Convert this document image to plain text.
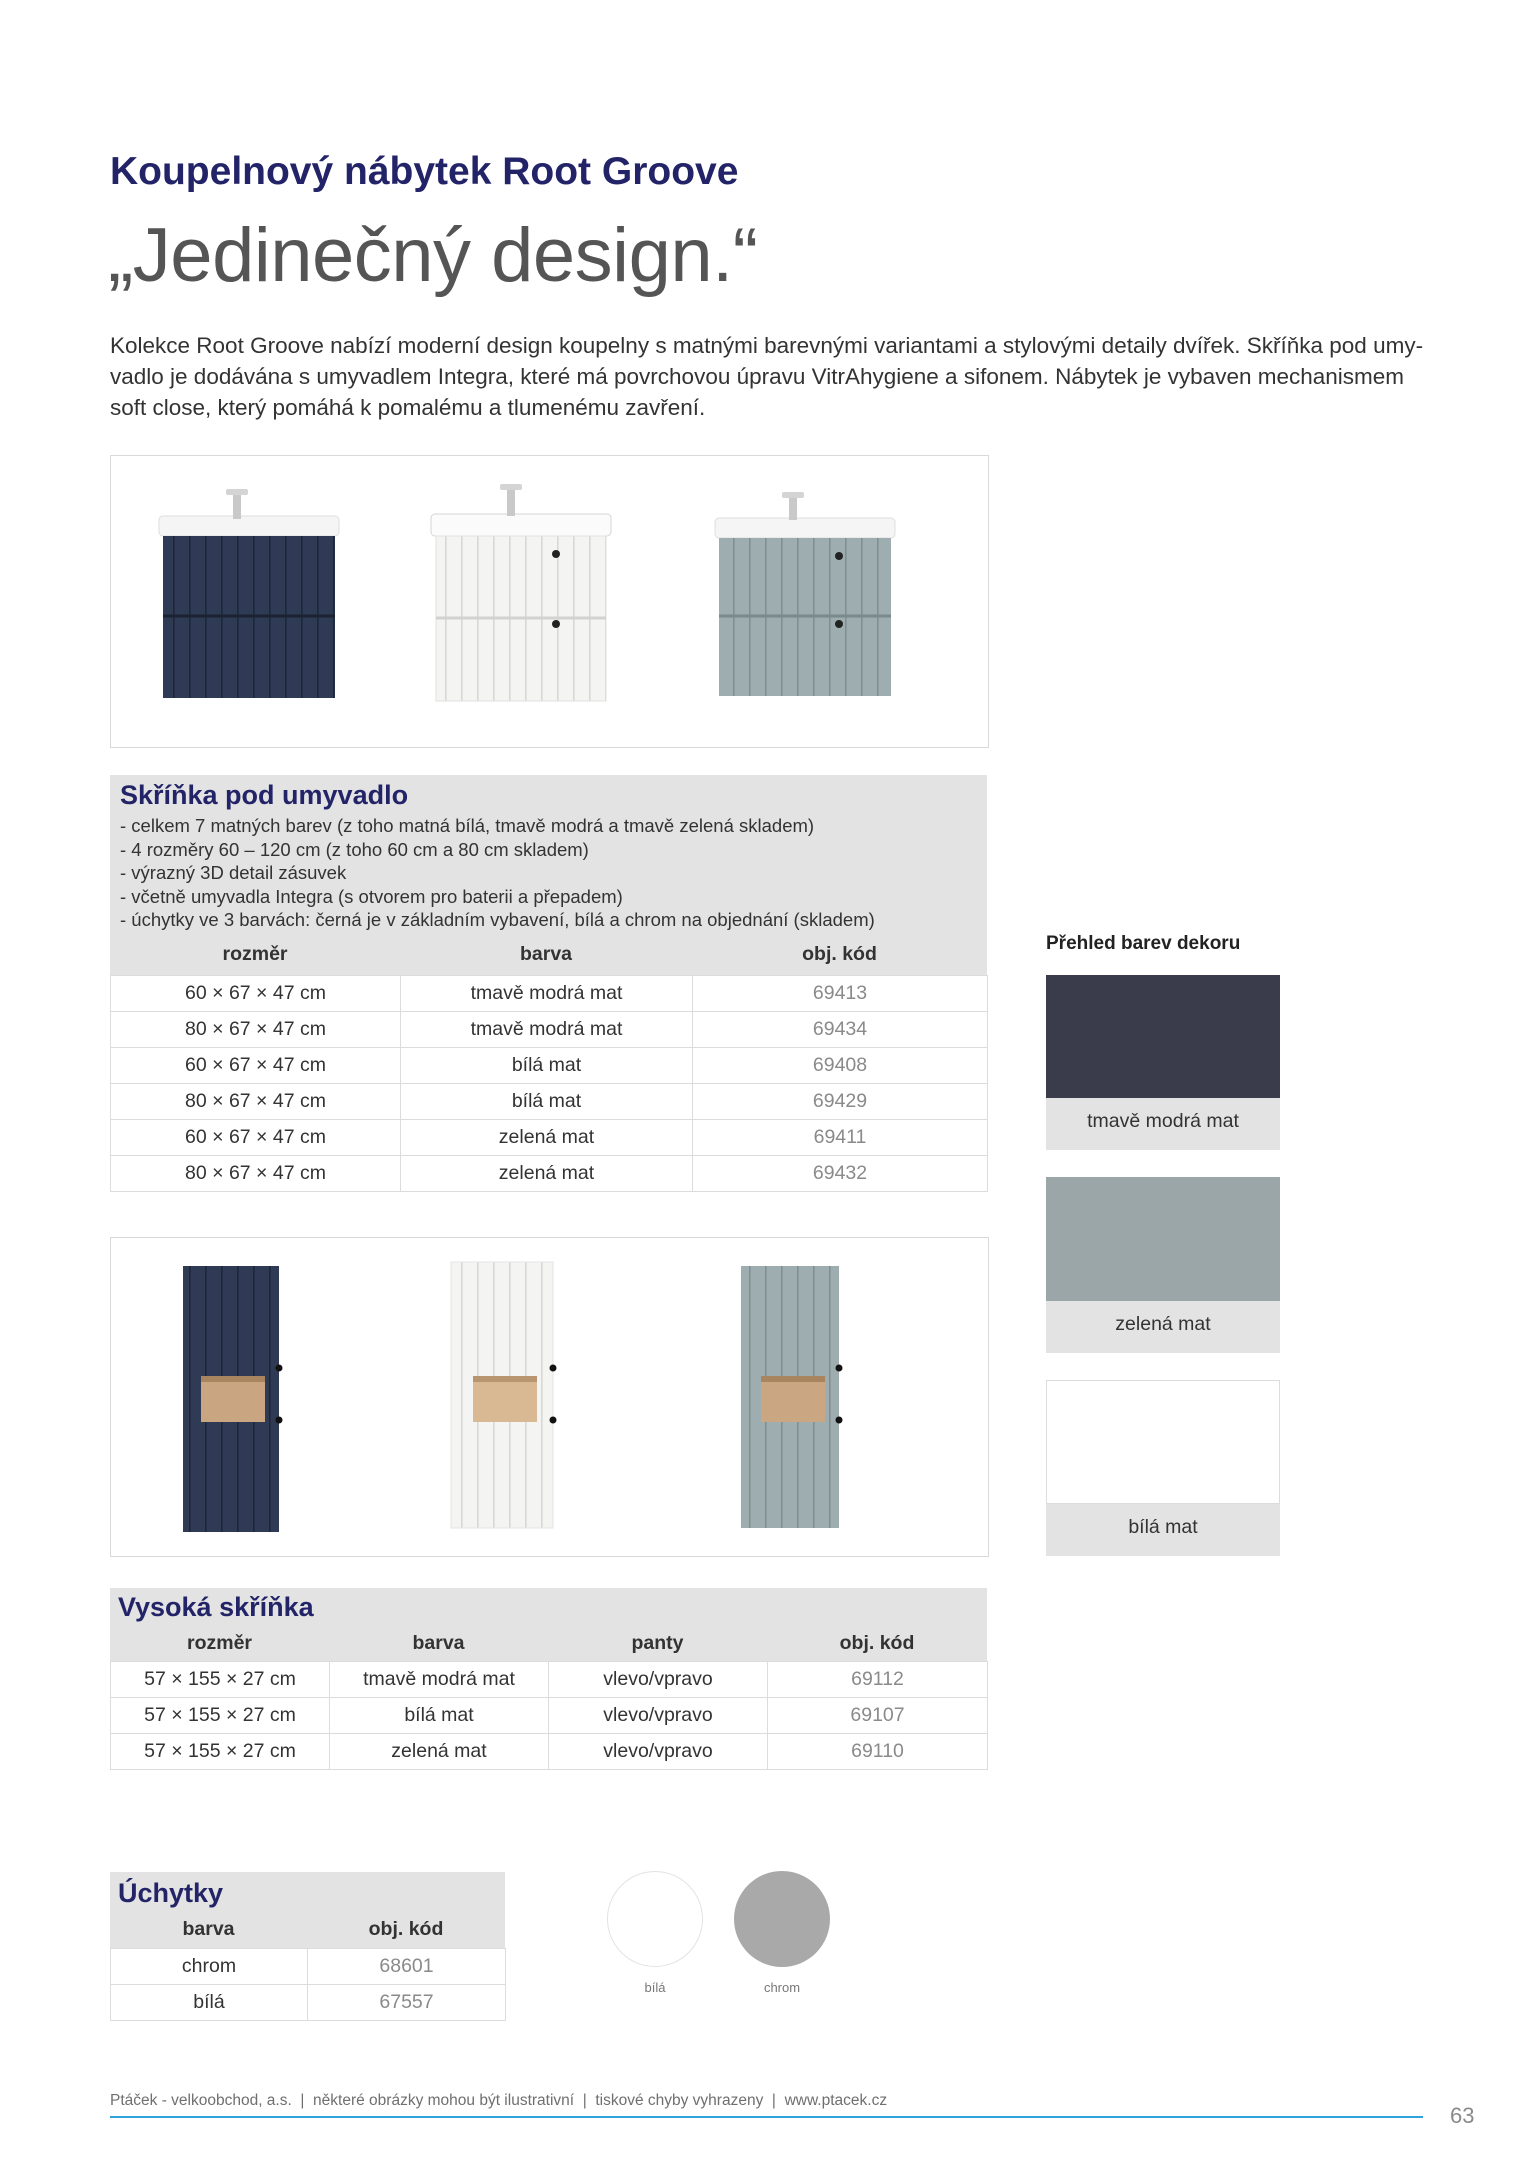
Koupelnový nábytek Root Groove
„Jedinečný design.“
Kolekce Root Groove nabízí moderní design koupelny s matnými barevnými variantami a stylovými detaily dvířek. Skříňka pod umy-
vadlo je dodávána s umyvadlem Integra, které má povrchovou úpravu VitrAhygiene a sifonem. Nábytek je vybaven mechanismem
soft close, který pomáhá k pomalému a tlumenému zavření.
Skříňka pod umyvadlo
- celkem 7 matných barev (z toho matná bílá, tmavě modrá a tmavě zelená skladem)
- 4 rozměry 60 – 120 cm (z toho 60 cm a 80 cm skladem)
- výrazný 3D detail zásuvek
- včetně umyvadla Integra (s otvorem pro baterii a přepadem)
- úchytky ve 3 barvách: černá je v základním vybavení, bílá a chrom na objednání (skladem)
rozměr	barva	obj. kód
60 × 67 × 47 cm	tmavě modrá mat	69413
80 × 67 × 47 cm	tmavě modrá mat	69434
60 × 67 × 47 cm	bílá mat	69408
80 × 67 × 47 cm	bílá mat	69429
60 × 67 × 47 cm	zelená mat	69411
80 × 67 × 47 cm	zelená mat	69432
Přehled barev dekoru
tmavě modrá mat
zelená mat
bílá mat
Vysoká skříňka
rozměr	barva	panty	obj. kód
57 × 155 × 27 cm	tmavě modrá mat	vlevo/vpravo	69112
57 × 155 × 27 cm	bílá mat	vlevo/vpravo	69107
57 × 155 × 27 cm	zelená mat	vlevo/vpravo	69110
Úchytky
barva	obj. kód
chrom	68601
bílá	67557
bílá	chrom
Ptáček - velkoobchod, a.s.  |  některé obrázky mohou být ilustrativní  |  tiskové chyby vyhrazeny  |  www.ptacek.cz
63
